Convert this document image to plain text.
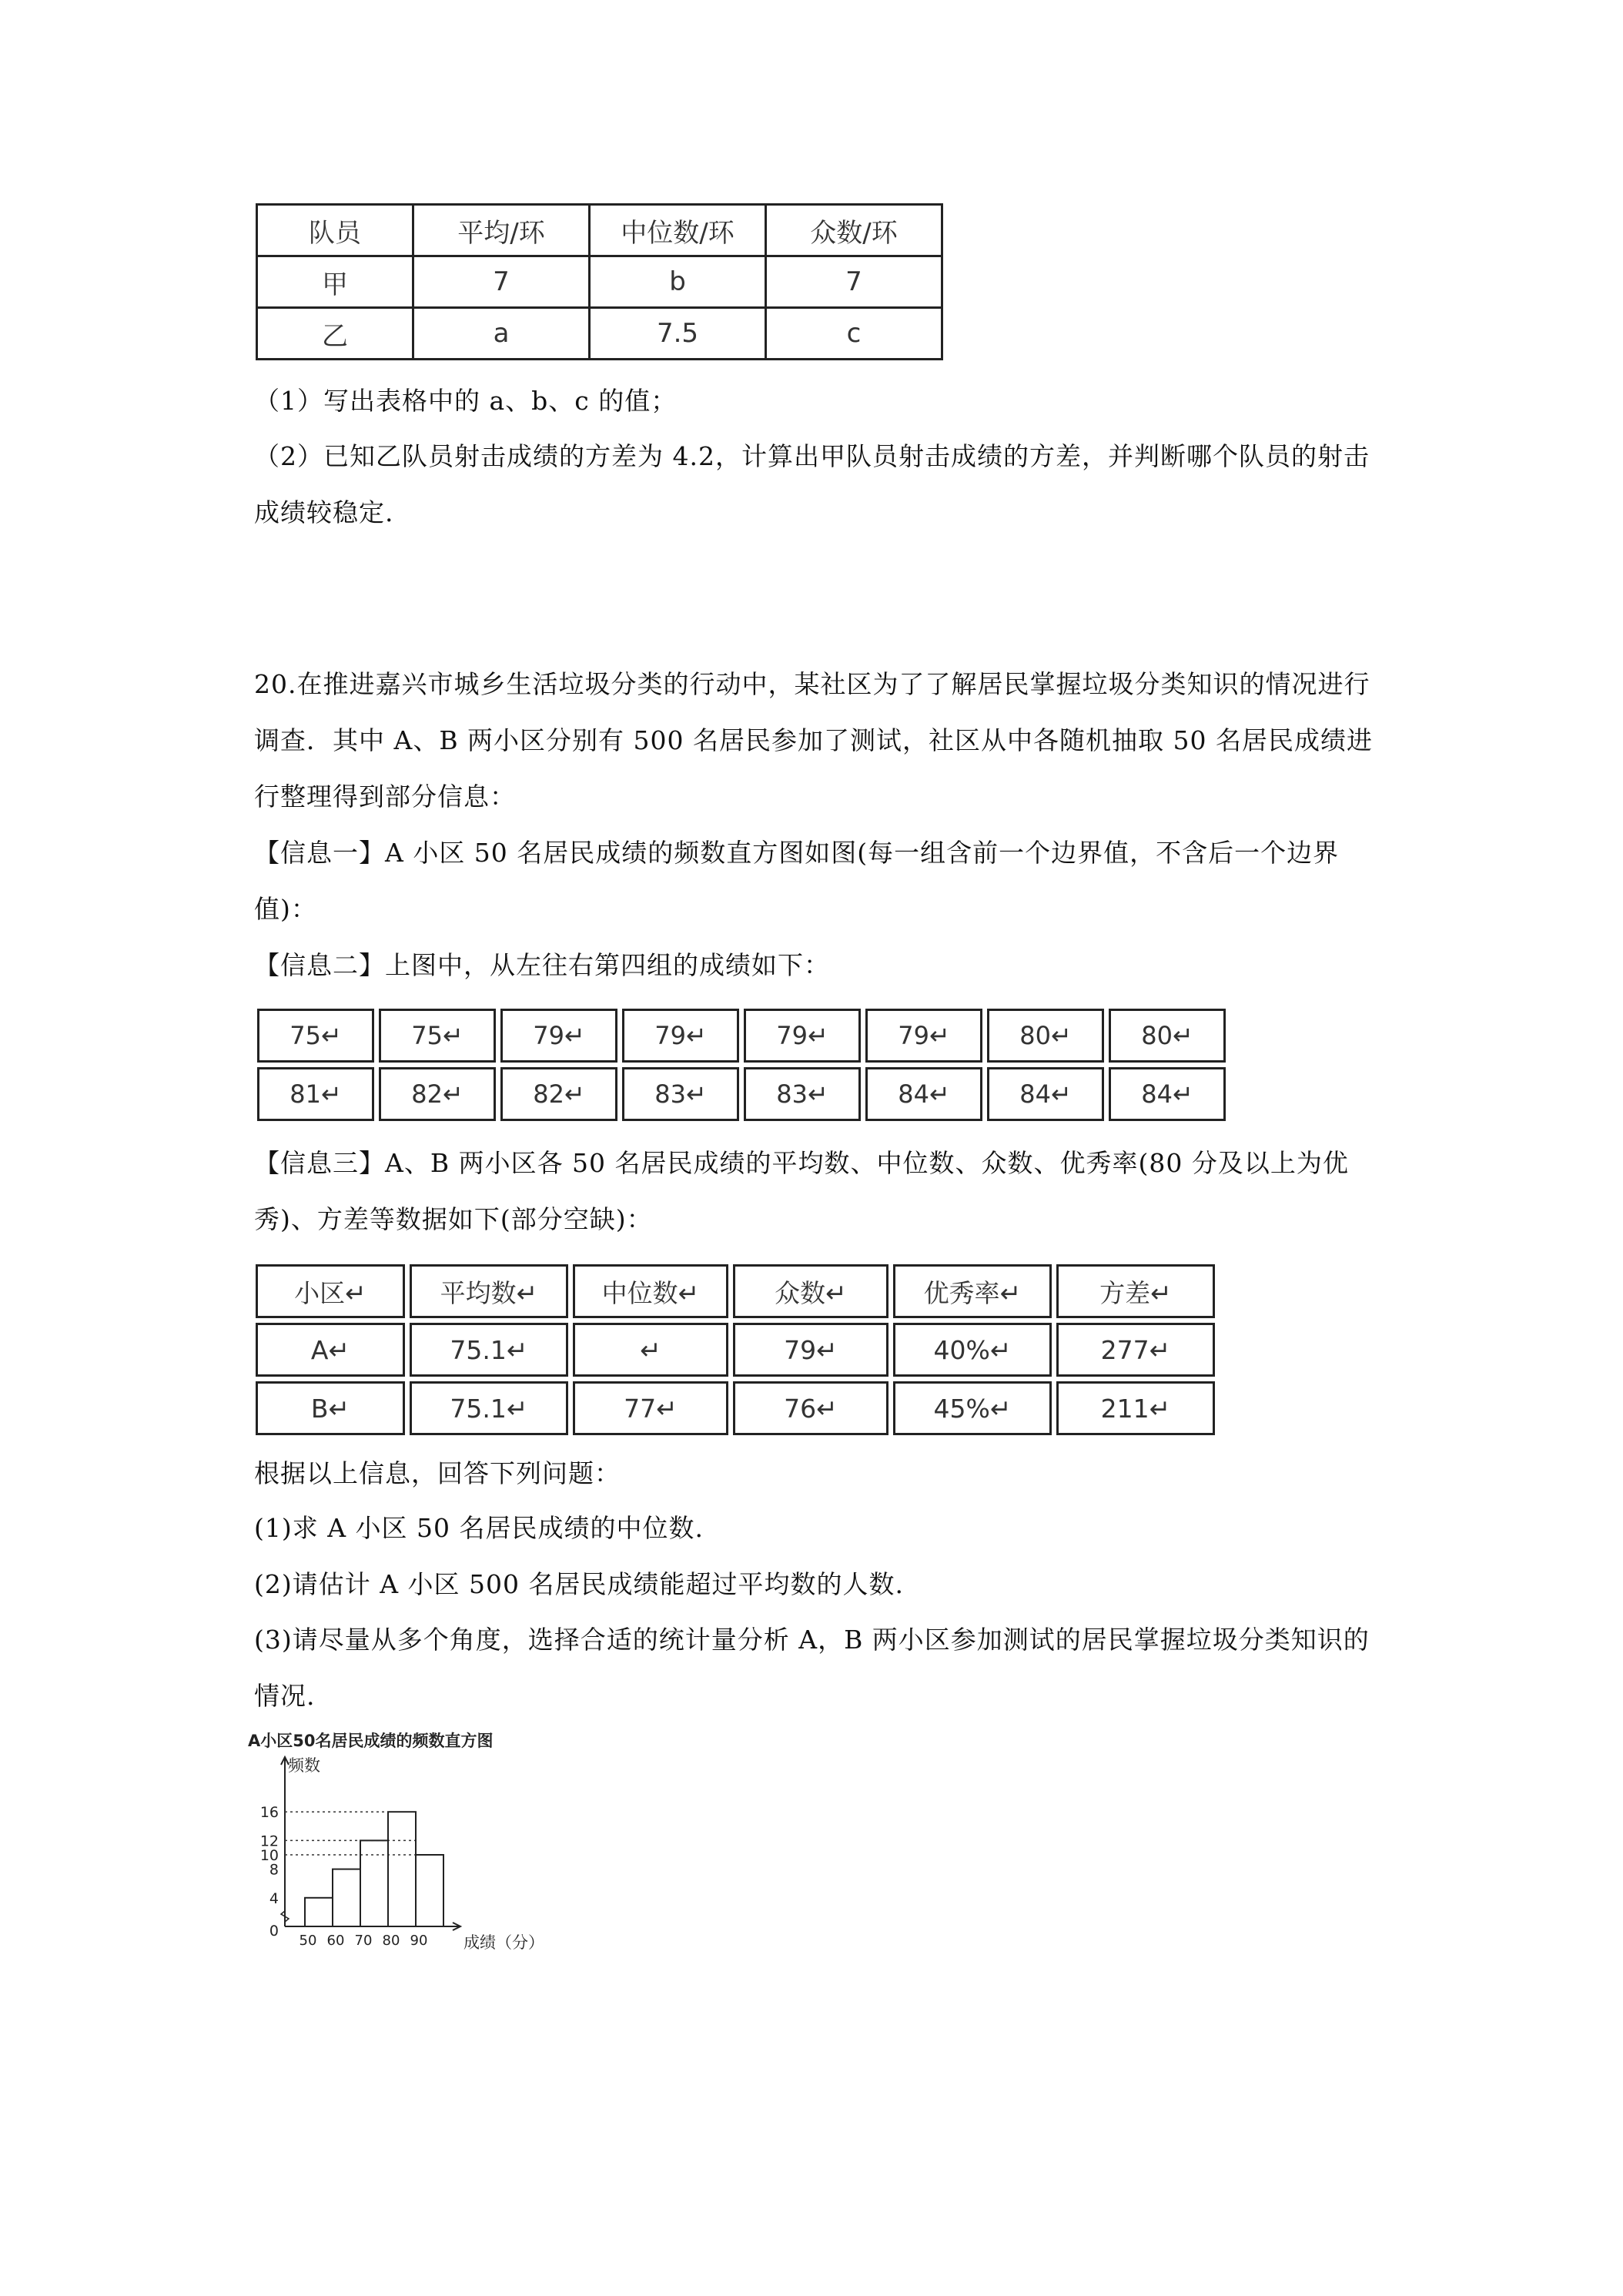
队员	平均/环	中位数/环	众数/环
甲	7	b	7
乙	a	7.5	c
（1）写出表格中的 a、b、c 的值；
（2）已知乙队员射击成绩的方差为 4.2，计算出甲队员射击成绩的方差，并判断哪个队员的射击成绩较稳定.
20.在推进嘉兴市城乡生活垃圾分类的行动中，某社区为了了解居民掌握垃圾分类知识的情况进行调查．其中 A、B 两小区分别有 500 名居民参加了测试，社区从中各随机抽取 50 名居民成绩进行整理得到部分信息：
【信息一】A 小区 50 名居民成绩的频数直方图如图(每一组含前一个边界值，不含后一个边界值)：
【信息二】上图中，从左往右第四组的成绩如下：
75↵	75↵	79↵	79↵	79↵	79↵	80↵	80↵
81↵	82↵	82↵	83↵	83↵	84↵	84↵	84↵
【信息三】A、B 两小区各 50 名居民成绩的平均数、中位数、众数、优秀率(80 分及以上为优秀)、方差等数据如下(部分空缺)：
小区↵	平均数↵	中位数↵	众数↵	优秀率↵	方差↵
A↵	75.1↵	↵	79↵	40%↵	277↵
B↵	75.1↵	77↵	76↵	45%↵	211↵
根据以上信息，回答下列问题：
(1)求 A 小区 50 名居民成绩的中位数.
(2)请估计 A 小区 500 名居民成绩能超过平均数的人数.
(3)请尽量从多个角度，选择合适的统计量分析 A，B 两小区参加测试的居民掌握垃圾分类知识的情况.
A小区50名居民成绩的频数直方图
频数
成绩（分）
0
4
8
10
12
16
50 60 70 80 90
